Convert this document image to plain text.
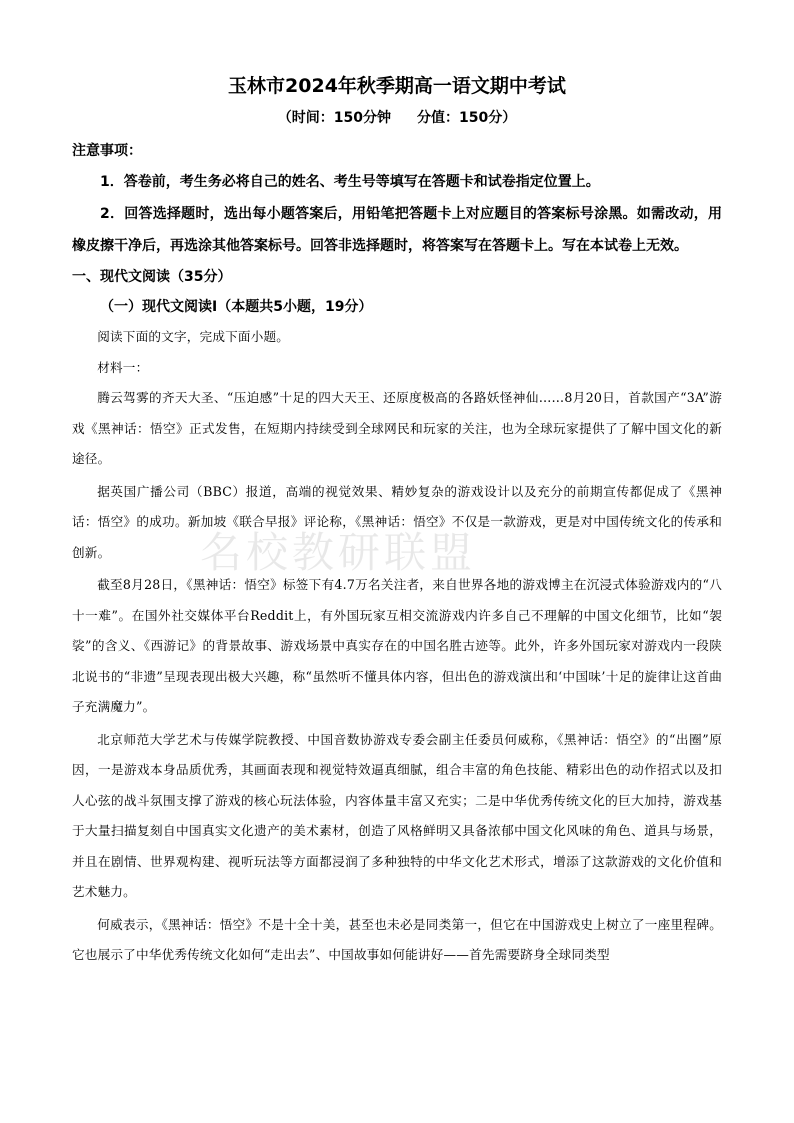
名校教研联盟
玉林市2024年秋季期高一语文期中考试
（时间：150分钟 分值：150分）
注意事项：

1．答卷前，考生务必将自己的姓名、考生号等填写在答题卡和试卷指定位置上。

2．回答选择题时，选出每小题答案后，用铅笔把答题卡上对应题目的答案标号涂黑。如需改动，用橡皮擦干净后，再选涂其他答案标号。回答非选择题时，将答案写在答题卡上。写在本试卷上无效。

一、现代文阅读（35分）

（一）现代文阅读Ⅰ（本题共5小题，19分）

阅读下面的文字，完成下面小题。

材料一：

腾云驾雾的齐天大圣、“压迫感”十足的四大天王、还原度极高的各路妖怪神仙……8月20日，首款国产“3A”游戏《黑神话：悟空》正式发售，在短期内持续受到全球网民和玩家的关注，也为全球玩家提供了了解中国文化的新途径。

据英国广播公司（BBC）报道，高端的视觉效果、精妙复杂的游戏设计以及充分的前期宣传都促成了《黑神话：悟空》的成功。新加坡《联合早报》评论称，《黑神话：悟空》不仅是一款游戏，更是对中国传统文化的传承和创新。

截至8月28日，《黑神话：悟空》标签下有4.7万名关注者，来自世界各地的游戏博主在沉浸式体验游戏内的“八十一难”。在国外社交媒体平台Reddit上，有外国玩家互相交流游戏内许多自己不理解的中国文化细节，比如“袈裟”的含义、《西游记》的背景故事、游戏场景中真实存在的中国名胜古迹等。此外，许多外国玩家对游戏内一段陕北说书的“非遗”呈现表现出极大兴趣，称“虽然听不懂具体内容，但出色的游戏演出和‘中国味’十足的旋律让这首曲子充满魔力”。

北京师范大学艺术与传媒学院教授、中国音数协游戏专委会副主任委员何威称，《黑神话：悟空》的“出圈”原因，一是游戏本身品质优秀，其画面表现和视觉特效逼真细腻，组合丰富的角色技能、精彩出色的动作招式以及扣人心弦的战斗氛围支撑了游戏的核心玩法体验，内容体量丰富又充实；二是中华优秀传统文化的巨大加持，游戏基于大量扫描复刻自中国真实文化遗产的美术素材，创造了风格鲜明又具备浓郁中国文化风味的角色、道具与场景，并且在剧情、世界观构建、视听玩法等方面都浸润了多种独特的中华文化艺术形式，增添了这款游戏的文化价值和艺术魅力。

何威表示，《黑神话：悟空》不是十全十美，甚至也未必是同类第一，但它在中国游戏史上树立了一座里程碑。它也展示了中华优秀传统文化如何“走出去”、中国故事如何能讲好——首先需要跻身全球同类型
